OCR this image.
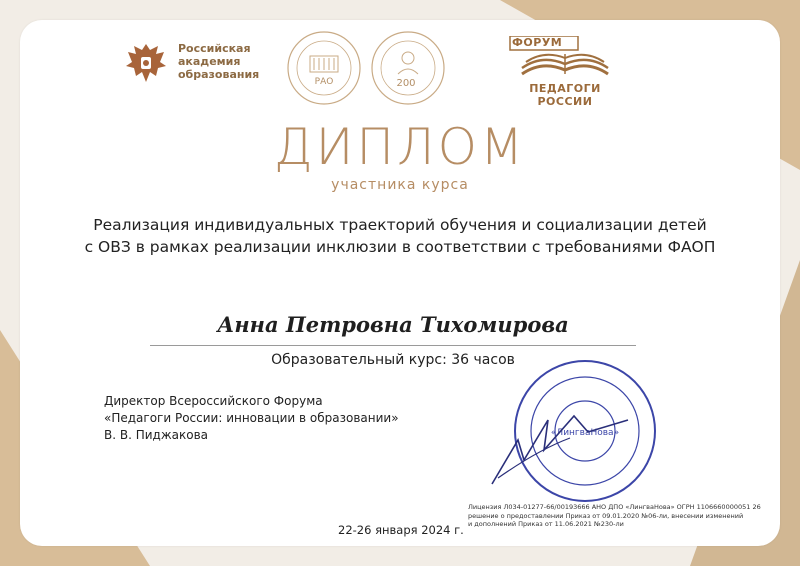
Российская
академия
образования
РАО	200
ФОРУМ
ПЕДАГОГИ РОССИИ
ДИПЛОМ
участника курса
Реализация индивидуальных траекторий обучения и социализации детей
с ОВЗ в рамках реализации инклюзии в соответствии с требованиями ФАОП
Анна Петровна Тихомирова
Образовательный курс: 36 часов
Директор Всероссийского Форума
«Педагоги России: инновации в образовании»
В. В. Пиджакова	«ЛингваНова»
Лицензия Л034-01277-66/00193666 АНО ДПО «ЛингваНова» ОГРН 1106660000051 26
решение о предоставлении Приказ от 09.01.2020 №06-ли, внесении изменений
и дополнений Приказ от 11.06.2021 №230-ли
22-26 января 2024 г.
